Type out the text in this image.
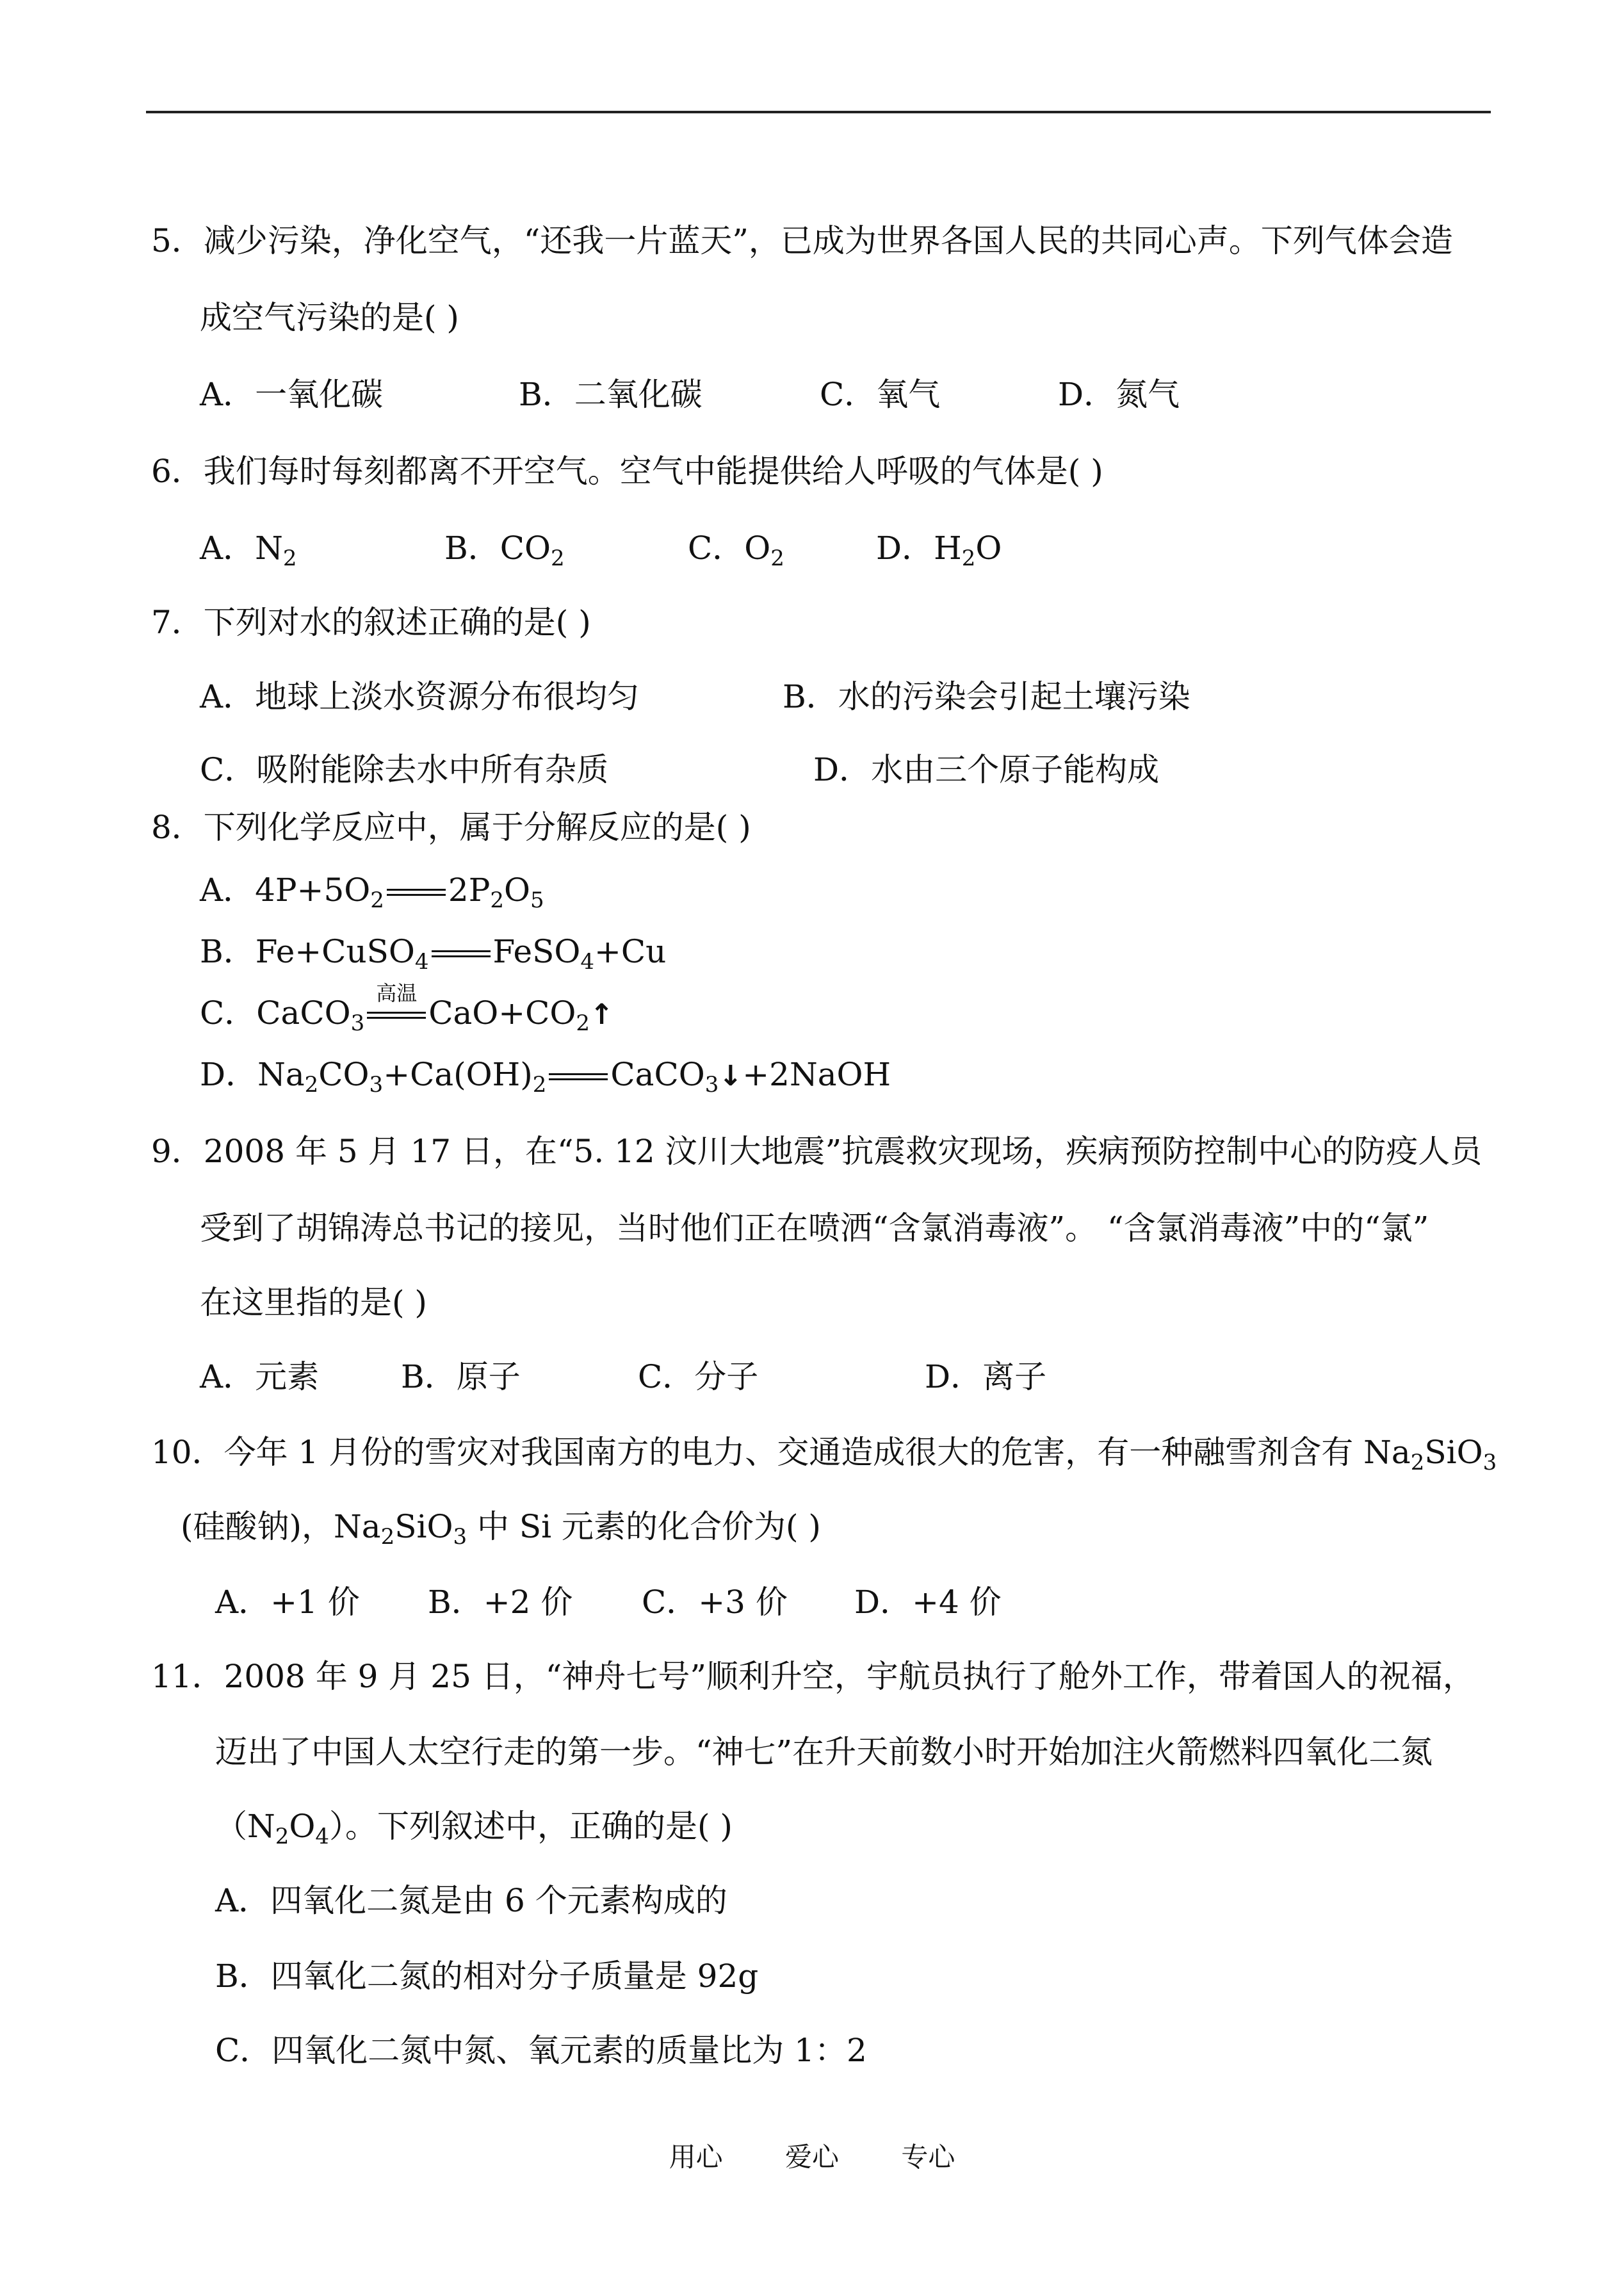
5．减少污染，净化空气，“还我一片蓝天”，已成为世界各国人民的共同心声。下列气体会造
成空气污染的是( )
A．一氧化碳	B．二氧化碳	C．氧气	D．氮气
6．我们每时每刻都离不开空气。空气中能提供给人呼吸的气体是( )
A．$N_2$	B．$CO_2$	C．$O_2$	D．$H_2O$
7．下列对水的叙述正确的是( )
A．地球上淡水资源分布很均匀	B．水的污染会引起土壤污染
C．吸附能除去水中所有杂质	D．水由三个原子能构成
8．下列化学反应中，属于分解反应的是( )
A．$4P+5O_2$ $2P_2O_5$
B．Fe+CuSO$_4$ FeSO$_4$+Cu
C．CaCO$_3$
高温
$CaO+CO_2↑$
D．$Na_2CO_3+Ca(OH)_2$ CaCO$_3$↓+2NaOH
9．2008 年 5 月 17 日，在“5. 12 汶川大地震”抗震救灾现场，疾病预防控制中心的防疫人员
受到了胡锦涛总书记的接见，当时他们正在喷洒“含氯消毒液”。 “含氯消毒液”中的“氯”
在这里指的是( )
A．元素	B．原子	C．分子	D．离子
10．今年 1 月份的雪灾对我国南方的电力、交通造成很大的危害，有一种融雪剂含有 $Na_2SiO_3$
(硅酸钠)，$Na_2SiO_3$ 中 Si 元素的化合价为( )
A．+1 价 B．+2 价 C．+3 价 D．+4 价
11．2008 年 9 月 25 日，“神舟七号”顺利升空，宇航员执行了舱外工作，带着国人的祝福，
迈出了中国人太空行走的第一步。“神七”在升天前数小时开始加注火箭燃料四氧化二氮
$(N_2O_4)$。下列叙述中，正确的是( )
A．四氧化二氮是由 6 个元素构成的
B．四氧化二氮的相对分子质量是 92g
C．四氧化二氮中氮、氧元素的质量比为 1：2
用心 爱心 专心
